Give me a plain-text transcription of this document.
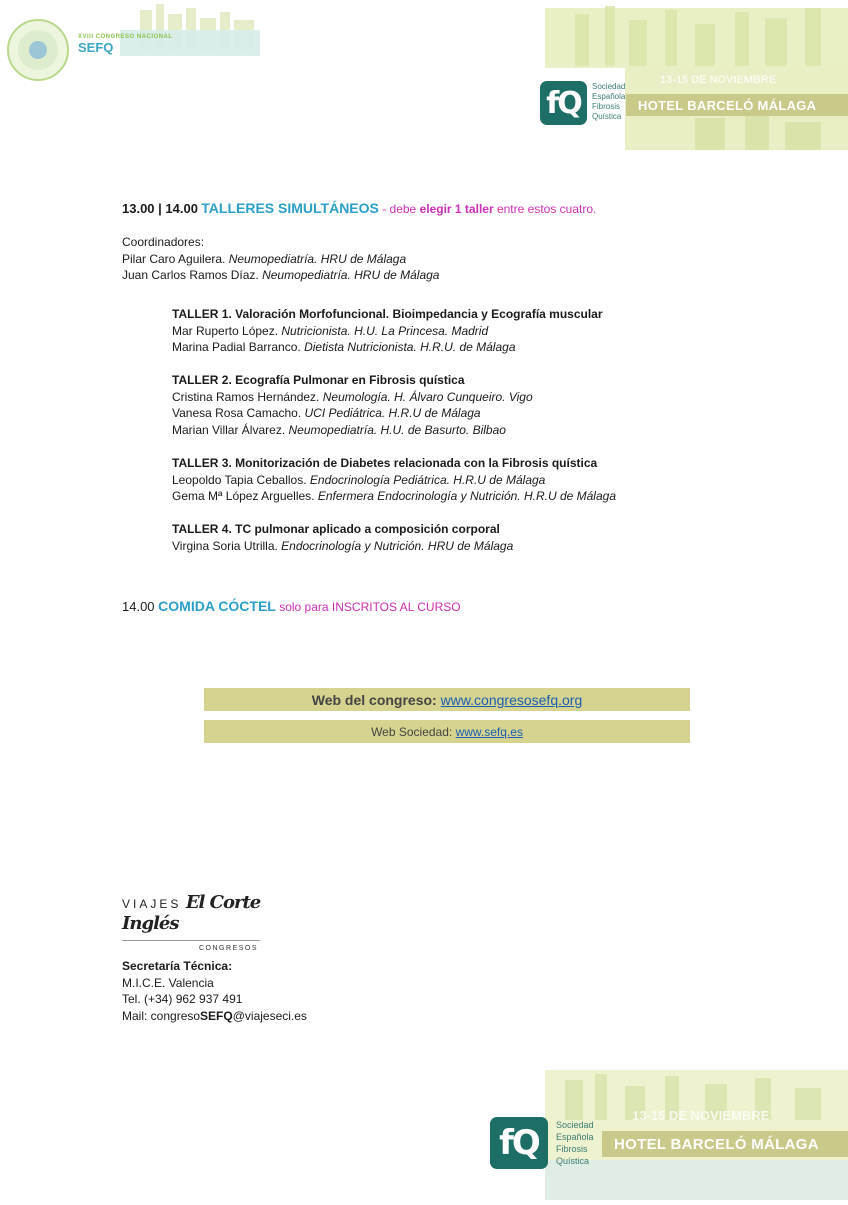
XVIII CONGRESO NACIONAL
SEFQ
fQ	Sociedad
Española
Fibrosis
Quística
13-15 DE NOVIEMBRE
HOTEL BARCELÓ MÁLAGA
13.00 | 14.00 TALLERES SIMULTÁNEOS - debe elegir 1 taller entre estos cuatro.
Coordinadores:
Pilar Caro Aguilera. Neumopediatría. HRU de Málaga
Juan Carlos Ramos Díaz. Neumopediatría. HRU de Málaga
TALLER 1. Valoración Morfofuncional. Bioimpedancia y Ecografía muscular
Mar Ruperto López. Nutricionista. H.U. La Princesa. Madrid
Marina Padial Barranco. Dietista Nutricionista. H.R.U. de Málaga
TALLER 2. Ecografía Pulmonar en Fibrosis quística
Cristina Ramos Hernández. Neumología. H. Álvaro Cunqueiro. Vigo
Vanesa Rosa Camacho. UCI Pediátrica. H.R.U de Málaga
Marian Villar Álvarez. Neumopediatría. H.U. de Basurto. Bilbao
TALLER 3. Monitorización de Diabetes relacionada con la Fibrosis quística
Leopoldo Tapia Ceballos. Endocrinología Pediátrica. H.R.U de Málaga
Gema Mª López Arguelles. Enfermera Endocrinología y Nutrición. H.R.U de Málaga
TALLER 4. TC pulmonar aplicado a composición corporal
Virgina Soria Utrilla. Endocrinología y Nutrición. HRU de Málaga
14.00 COMIDA CÓCTEL solo para INSCRITOS AL CURSO
Web del congreso:
www.congresosefq.org
Web Sociedad:
www.sefq.es
VIAJES El Corte Inglés
CONGRESOS
Secretaría Técnica:
M.I.C.E. Valencia
Tel. (+34) 962 937 491
Mail: congresoSEFQ@viajeseci.es
fQ	Sociedad
Española
Fibrosis
Quística
13-15 DE NOVIEMBRE
HOTEL BARCELÓ MÁLAGA
